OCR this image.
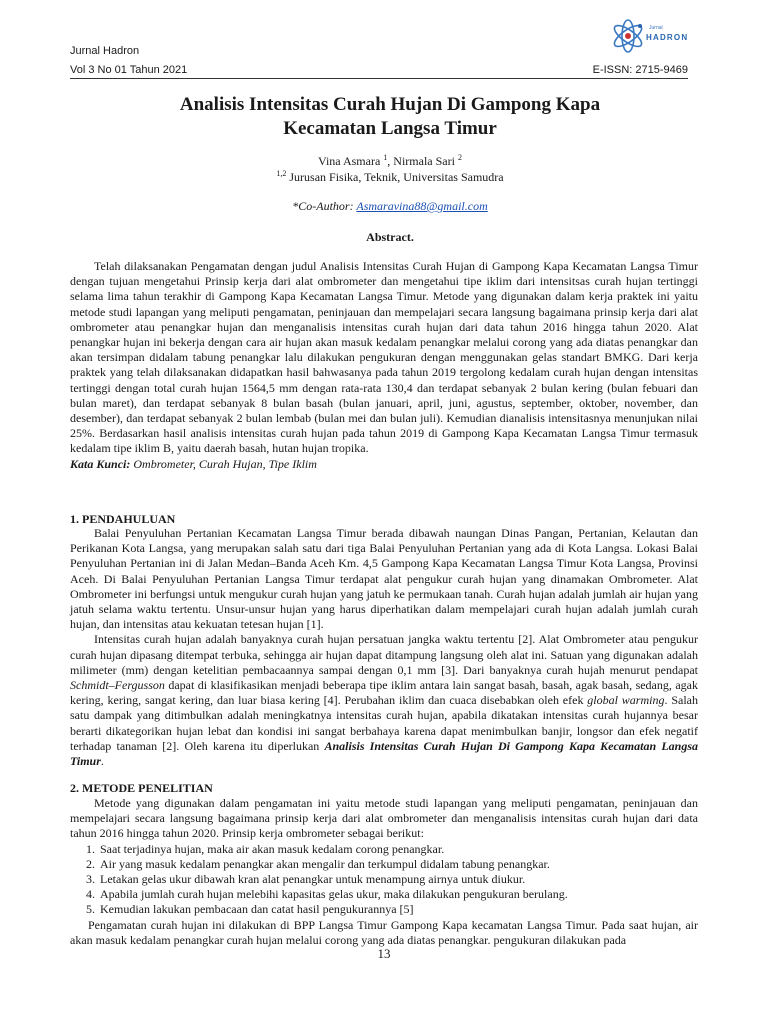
Jurnal Hadron
Vol 3 No 01 Tahun 2021	E-ISSN: 2715-9469
Jurnal
HADRON
Analisis Intensitas Curah Hujan Di Gampong Kapa
Kecamatan Langsa Timur
Vina Asmara $^1$, Nirmala Sari $^2$
$^{1,2}$ Jurusan Fisika, Teknik, Universitas Samudra
*Co-Author: Asmaravina88@gmail.com
Abstract.

Telah dilaksanakan Pengamatan dengan judul Analisis Intensitas Curah Hujan di Gampong Kapa Kecamatan Langsa Timur dengan tujuan mengetahui Prinsip kerja dari alat ombrometer dan mengetahui tipe iklim dari intensitsas curah hujan tertinggi selama lima tahun terakhir di Gampong Kapa Kecamatan Langsa Timur. Metode yang digunakan dalam kerja praktek ini yaitu metode studi lapangan yang meliputi pengamatan, peninjauan dan mempelajari secara langsung bagaimana prinsip kerja dari alat ombrometer atau penangkar hujan dan menganalisis intensitas curah hujan dari data tahun 2016 hingga tahun 2020. Alat penangkar hujan ini bekerja dengan cara air hujan akan masuk kedalam penangkar melalui corong yang ada diatas penangkar dan akan tersimpan didalam tabung penangkar lalu dilakukan pengukuran dengan menggunakan gelas standart BMKG. Dari kerja praktek yang telah dilaksanakan didapatkan hasil bahwasanya pada tahun 2019 tergolong kedalam curah hujan dengan intensitas tertinggi dengan total curah hujan 1564,5 mm dengan rata-rata 130,4 dan terdapat sebanyak 2 bulan kering (bulan febuari dan bulan maret), dan terdapat sebanyak 8 bulan basah (bulan januari, april, juni, agustus, september, oktober, november, dan desember), dan terdapat sebanyak 2 bulan lembab (bulan mei dan bulan juli). Kemudian dianalisis intensitasnya menunjukan nilai 25%. Berdasarkan hasil analisis intensitas curah hujan pada tahun 2019 di Gampong Kapa Kecamatan Langsa Timur termasuk kedalam tipe iklim B, yaitu daerah basah, hutan hujan tropika.

Kata Kunci: Ombrometer, Curah Hujan, Tipe Iklim

1. PENDAHULUAN

Balai Penyuluhan Pertanian Kecamatan Langsa Timur berada dibawah naungan Dinas Pangan, Pertanian, Kelautan dan Perikanan Kota Langsa, yang merupakan salah satu dari tiga Balai Penyuluhan Pertanian yang ada di Kota Langsa. Lokasi Balai Penyuluhan Pertanian ini di Jalan Medan–Banda Aceh Km. 4,5 Gampong Kapa Kecamatan Langsa Timur Kota Langsa, Provinsi Aceh. Di Balai Penyuluhan Pertanian Langsa Timur terdapat alat pengukur curah hujan yang dinamakan Ombrometer. Alat Ombrometer ini berfungsi untuk mengukur curah hujan yang jatuh ke permukaan tanah. Curah hujan adalah jumlah air hujan yang jatuh selama waktu tertentu. Unsur-unsur hujan yang harus diperhatikan dalam mempelajari curah hujan adalah jumlah curah hujan, dan intensitas atau kekuatan tetesan hujan [1].

Intensitas curah hujan adalah banyaknya curah hujan persatuan jangka waktu tertentu [2]. Alat Ombrometer atau pengukur curah hujan dipasang ditempat terbuka, sehingga air hujan dapat ditampung langsung oleh alat ini. Satuan yang digunakan adalah milimeter (mm) dengan ketelitian pembacaannya sampai dengan 0,1 mm [3]. Dari banyaknya curah hujah menurut pendapat Schmidt–Fergusson dapat di klasifikasikan menjadi beberapa tipe iklim antara lain sangat basah, basah, agak basah, sedang, agak kering, kering, sangat kering, dan luar biasa kering [4]. Perubahan iklim dan cuaca disebabkan oleh efek global warming. Salah satu dampak yang ditimbulkan adalah meningkatnya intensitas curah hujan, apabila dikatakan intensitas curah hujannya besar berarti dikategorikan hujan lebat dan kondisi ini sangat berbahaya karena dapat menimbulkan banjir, longsor dan efek negatif terhadap tanaman [2]. Oleh karena itu diperlukan Analisis Intensitas Curah Hujan Di Gampong Kapa Kecamatan Langsa Timur.

2. METODE PENELITIAN

Metode yang digunakan dalam pengamatan ini yaitu metode studi lapangan yang meliputi pengamatan, peninjauan dan mempelajari secara langsung bagaimana prinsip kerja dari alat ombrometer dan menganalisis intensitas curah hujan dari data tahun 2016 hingga tahun 2020. Prinsip kerja ombrometer sebagai berikut:

1. Saat terjadinya hujan, maka air akan masuk kedalam corong penangkar.
2. Air yang masuk kedalam penangkar akan mengalir dan terkumpul didalam tabung penangkar.
3. Letakan gelas ukur dibawah kran alat penangkar untuk menampung airnya untuk diukur.
4. Apabila jumlah curah hujan melebihi kapasitas gelas ukur, maka dilakukan pengukuran berulang.
5. Kemudian lakukan pembacaan dan catat hasil pengukurannya [5]

Pengamatan curah hujan ini dilakukan di BPP Langsa Timur Gampong Kapa kecamatan Langsa Timur. Pada saat hujan, air akan masuk kedalam penangkar curah hujan melalui corong yang ada diatas penangkar. pengukuran dilakukan pada

13
